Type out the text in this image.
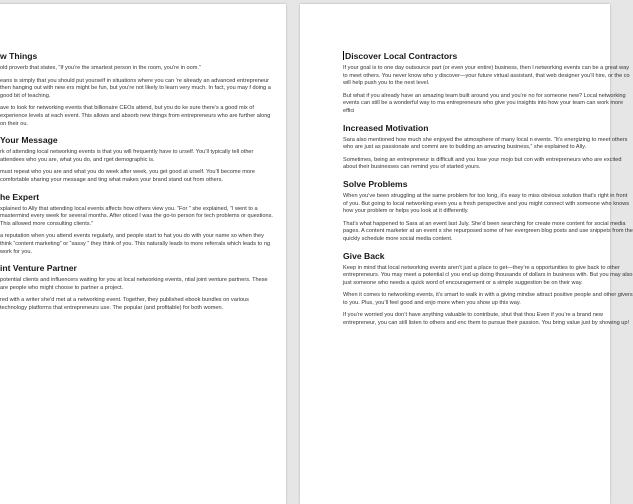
w Things

old proverb that states, “If you’re the smartest person in the room, you’re in oom.”

eans is simply that you should put yourself in situations where you can ’re already an advanced entrepreneur then hanging out with new ers might be fun, but you’re not likely to learn very much. In fact, you may f doing a good bit of teaching.

ave to look for networking events that billionaire CEOs attend, but you do ke sure there’s a good mix of experience levels at each event. This allows and absorb new things from entrepreneurs who are further along on their ou.

Your Message

rk of attending local networking events is that you will frequently have to urself. You’ll typically tell other attendees who you are, what you do, and rget demographic is.

must repeat who you are and what you do week after week, you get good at urself. You’ll become more comfortable sharing your message and ting what makes your brand stand out from others.

he Expert

xplained to Ally that attending local events affects how others view you. “For ” she explained, “I went to a mastermind every week for several months. After oticed I was the go-to person for tech problems or questions. This allowed more consulting clients.”

a reputation when you attend events regularly, and people start to hat you do with your name so when they think “content marketing” or “sassy ” they think of you. This naturally leads to more referrals which leads to ng work for you.

int Venture Partner

potential clients and influencers waiting for you at local networking events, ntial joint venture partners. These are people who might choose to partner a project.

red with a writer she’d met at a networking event. Together, they published ebook bundles on various technology platforms that entrepreneurs use. The popular (and profitable) for both women.

Discover Local Contractors

If your goal is to one day outsource part (or even your entire) business, then l networking events can be a great way to meet others. You never know who y discover—your future virtual assistant, that web designer you’ll hire, or the co will help push you to the next level.

But what if you already have an amazing team built around you and you’re no for someone new? Local networking events can still be a wonderful way to ma entrepreneurs who give you insights into how your team can work more effici

Increased Motivation

Sara also mentioned how much she enjoyed the atmosphere of many local n events. “It’s energizing to meet others who are just as passionate and commi are to building an amazing business,” she explained to Ally.

Sometimes, being an entrepreneur is difficult and you lose your mojo but con with entrepreneurs who are excited about their businesses can remind you of started yours.

Solve Problems

When you’ve been struggling at the same problem for too long, it’s easy to miss obvious solution that’s right in front of you. But going to local networking even you a fresh perspective and you might connect with someone who knows how your problem or helps you look at it differently.

That’s what happened to Sara at an event last July. She’d been searching for create more content for social media pages. A content marketer at an event s she repurposed some of her evergreen blog posts and use snippets from the quickly schedule more social media content.

Give Back

Keep in mind that local networking events aren’t just a place to get—they’re a opportunities to give back to other entrepreneurs. You may meet a potential cl you end up doing thousands of dollars in business with. But you may also just someone who needs a quick word of encouragement or a simple suggestion be on their way.

When it comes to networking events, it’s smart to walk in with a giving mindse attract positive people and other givers to you. Plus, you’ll feel good and enjo more when you show up this way.

If you’re worried you don’t have anything valuable to contribute, shut that thou Even if you’re a brand new entrepreneur, you can still listen to others and enc them to pursue their passion. You bring value just by showing up!
